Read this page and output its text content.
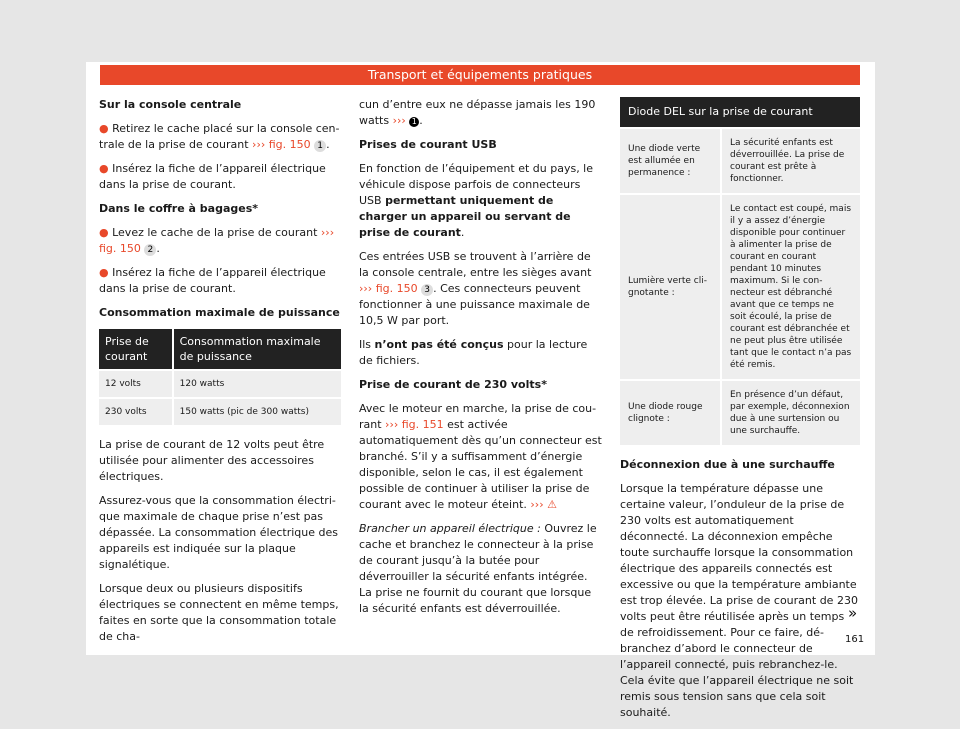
Transport et équipements pratiques
Sur la console centrale
● Retirez le cache placé sur la console centrale de la prise de courant ››› fig. 150 1 .
● Insérez la fiche de l’appareil électrique dans la prise de courant.
Dans le coffre à bagages*
● Levez le cache de la prise de courant ››› fig. 150 2 .
● Insérez la fiche de l’appareil électrique dans la prise de courant.
Consommation maximale de puissance
Prise de courant	Consommation maximale de puissance
12 volts	120 watts
230 volts	150 watts (pic de 300 watts)

La prise de courant de 12 volts peut être utilisée pour alimenter des accessoires électriques.

Assurez-vous que la consommation électrique maximale de chaque prise n’est pas dépassée. La consommation électrique des appareils est indiquée sur la plaque signalétique.

Lorsque deux ou plusieurs dispositifs électriques se connectent en même temps, faites en sorte que la consommation totale de cha-

cun d’entre eux ne dépasse jamais les 190 watts ››› 1 .

Prises de courant USB

En fonction de l’équipement et du pays, le véhicule dispose parfois de connecteurs USB permettant uniquement de charger un appareil ou servant de prise de courant.

Ces entrées USB se trouvent à l’arrière de la console centrale, entre les sièges avant ››› fig. 150 3 . Ces connecteurs peuvent fonctionner à une puissance maximale de 10,5 W par port.

Ils n’ont pas été conçus pour la lecture de fichiers.

Prise de courant de 230 volts*

Avec le moteur en marche, la prise de courant ››› fig. 151 est activée automatiquement dès qu’un connecteur est branché. S’il y a suffisamment d’énergie disponible, selon le cas, il est également possible de continuer à utiliser la prise de courant avec le moteur éteint. ››› ⚠

Brancher un appareil électrique : Ouvrez le cache et branchez le connecteur à la prise de courant jusqu’à la butée pour déverrouiller la sécurité enfants intégrée. La prise ne fournit du courant que lorsque la sécurité enfants est déverrouillée.

Diode DEL sur la prise de courant	
Une diode verte est allumée en permanence :	La sécurité enfants est déverrouillée. La prise de courant est prête à fonctionner.
Lumière verte clignotante :	Le contact est coupé, mais il y a assez d’énergie disponible pour continuer à alimenter la prise de courant en courant pendant 10 minutes maximum. Si le connecteur est débranché avant que ce temps ne soit écoulé, la prise de courant est débranchée et ne peut plus être utilisée tant que le contact n’a pas été remis.
Une diode rouge clignote :	En présence d’un défaut, par exemple, déconnexion due à une surtension ou une surchauffe.
Déconnexion due à une surchauffe

Lorsque la température dépasse une certaine valeur, l’onduleur de la prise de 230 volts est automatiquement déconnecté. La déconnexion empêche toute surchauffe lorsque la consommation électrique des appareils connectés est excessive ou que la température ambiante est trop élevée. La prise de courant de 230 volts peut être réutilisée après un temps de refroidissement. Pour ce faire, débranchez d’abord le connecteur de l’appareil connecté, puis rebranchez-le. Cela évite que l’appareil électrique ne soit remis sous tension sans que cela soit souhaité.

»
161
